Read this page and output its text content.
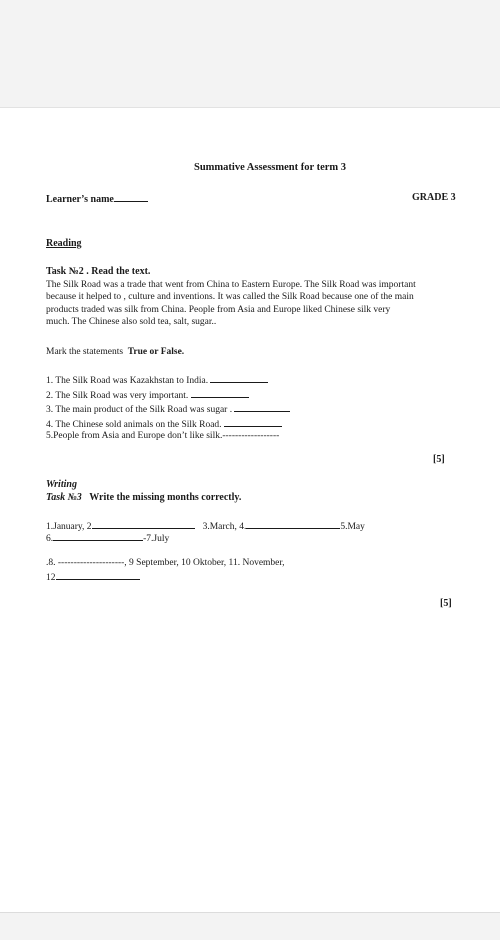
Summative Assessment for term 3
Learner’s name	GRADE 3
Reading
Task №2 . Read the text.
The Silk Road was a trade that went from China to Eastern Europe. The Silk Road was important
because it helped to , culture and inventions. It was called the Silk Road because one of the main
products traded was silk from China. People from Asia and Europe liked Chinese silk very
much. The Chinese also sold tea, salt, sugar..
Mark the statements True or False.
1. The Silk Road was Kazakhstan to India.
2. The Silk Road was very important.
3. The main product of the Silk Road was sugar .
4. The Chinese sold animals on the Silk Road.
5.People from Asia and Europe don’t like silk.------------------
[5]
Writing
Task №3 Write the missing months correctly.
1.January, 2	3.March, 4.	5.May
6.	-7.July
.8. ---------------------, 9 September, 10 Oktober, 11. November,
12
[5]
